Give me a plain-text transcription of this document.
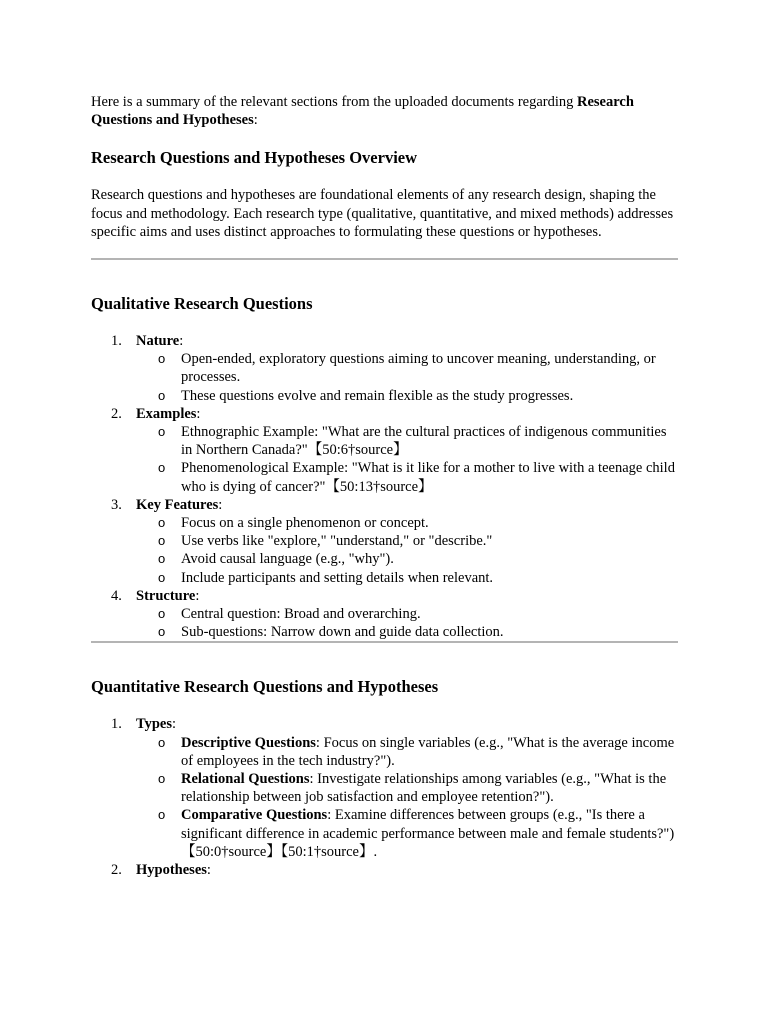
Here is a summary of the relevant sections from the uploaded documents regarding Research Questions and Hypotheses:

Research Questions and Hypotheses Overview

Research questions and hypotheses are foundational elements of any research design, shaping the focus and methodology. Each research type (qualitative, quantitative, and mixed methods) addresses specific aims and uses distinct approaches to formulating these questions or hypotheses.

Qualitative Research Questions
1. Nature:
o Open-ended, exploratory questions aiming to uncover meaning, understanding, or processes.
o These questions evolve and remain flexible as the study progresses.
2. Examples:
o Ethnographic Example: "What are the cultural practices of indigenous communities in Northern Canada?"【50:6†source】
o Phenomenological Example: "What is it like for a mother to live with a teenage child who is dying of cancer?"【50:13†source】
3. Key Features:
o Focus on a single phenomenon or concept.
o Use verbs like "explore," "understand," or "describe."
o Avoid causal language (e.g., "why").
o Include participants and setting details when relevant.
4. Structure:
o Central question: Broad and overarching.
o Sub-questions: Narrow down and guide data collection.
Quantitative Research Questions and Hypotheses
1. Types:
o Descriptive Questions: Focus on single variables (e.g., "What is the average income of employees in the tech industry?").
o Relational Questions: Investigate relationships among variables (e.g., "What is the relationship between job satisfaction and employee retention?").
o Comparative Questions: Examine differences between groups (e.g., "Is there a significant difference in academic performance between male and female students?")【50:0†source】【50:1†source】.
2. Hypotheses:
